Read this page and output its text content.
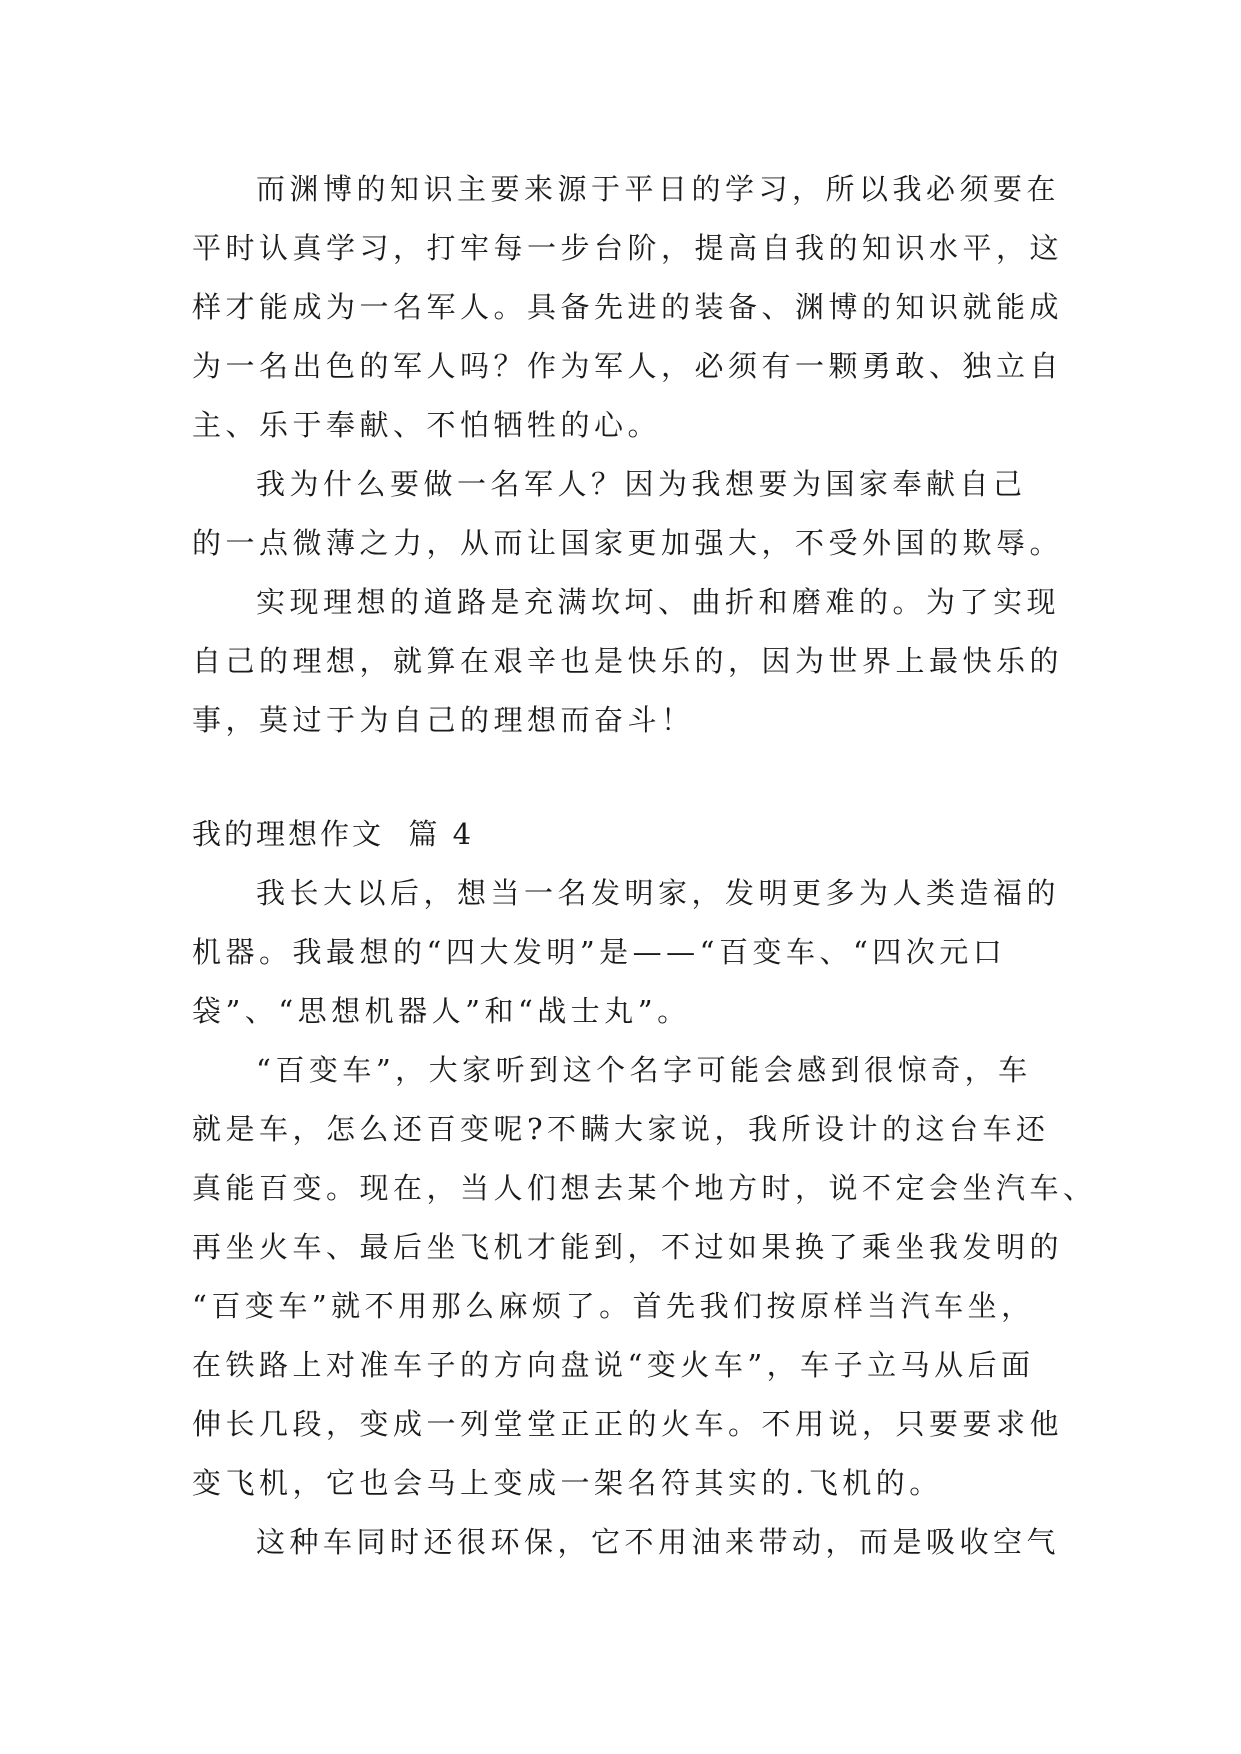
而渊博的知识主要来源于平日的学习，所以我必须要在
平时认真学习，打牢每一步台阶，提高自我的知识水平，这
样才能成为一名军人。具备先进的装备、渊博的知识就能成
为一名出色的军人吗？作为军人，必须有一颗勇敢、独立自
主、乐于奉献、不怕牺牲的心。
我为什么要做一名军人？因为我想要为国家奉献自己
的一点微薄之力，从而让国家更加强大，不受外国的欺辱。
实现理想的道路是充满坎坷、曲折和磨难的。为了实现
自己的理想，就算在艰辛也是快乐的，因为世界上最快乐的
事，莫过于为自己的理想而奋斗！
我的理想作文  篇 4
我长大以后，想当一名发明家，发明更多为人类造福的
机器。我最想的“四大发明”是——“百变车、“四次元口
袋”、“思想机器人”和“战士丸”。
“百变车”，大家听到这个名字可能会感到很惊奇，车
就是车，怎么还百变呢?不瞒大家说，我所设计的这台车还
真能百变。现在，当人们想去某个地方时，说不定会坐汽车、
再坐火车、最后坐飞机才能到，不过如果换了乘坐我发明的
“百变车”就不用那么麻烦了。首先我们按原样当汽车坐，
在铁路上对准车子的方向盘说“变火车”，车子立马从后面
伸长几段，变成一列堂堂正正的火车。不用说，只要要求他
变飞机，它也会马上变成一架名符其实的.飞机的。
这种车同时还很环保，它不用油来带动，而是吸收空气
